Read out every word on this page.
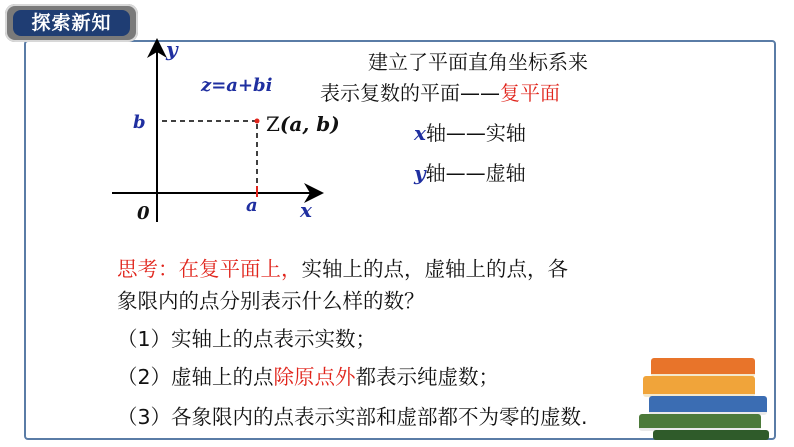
探索新知
y
x
0
z=a+bi
b
a
Z(a, b)
建立了平面直角坐标系来
表示复数的平面——复平面
x轴——实轴
y轴——虚轴
思考：在复平面上，实轴上的点，虚轴上的点，各
象限内的点分别表示什么样的数？
（1）实轴上的点表示实数；
（2）虚轴上的点除原点外都表示纯虚数；
（3）各象限内的点表示实部和虚部都不为零的虚数.
